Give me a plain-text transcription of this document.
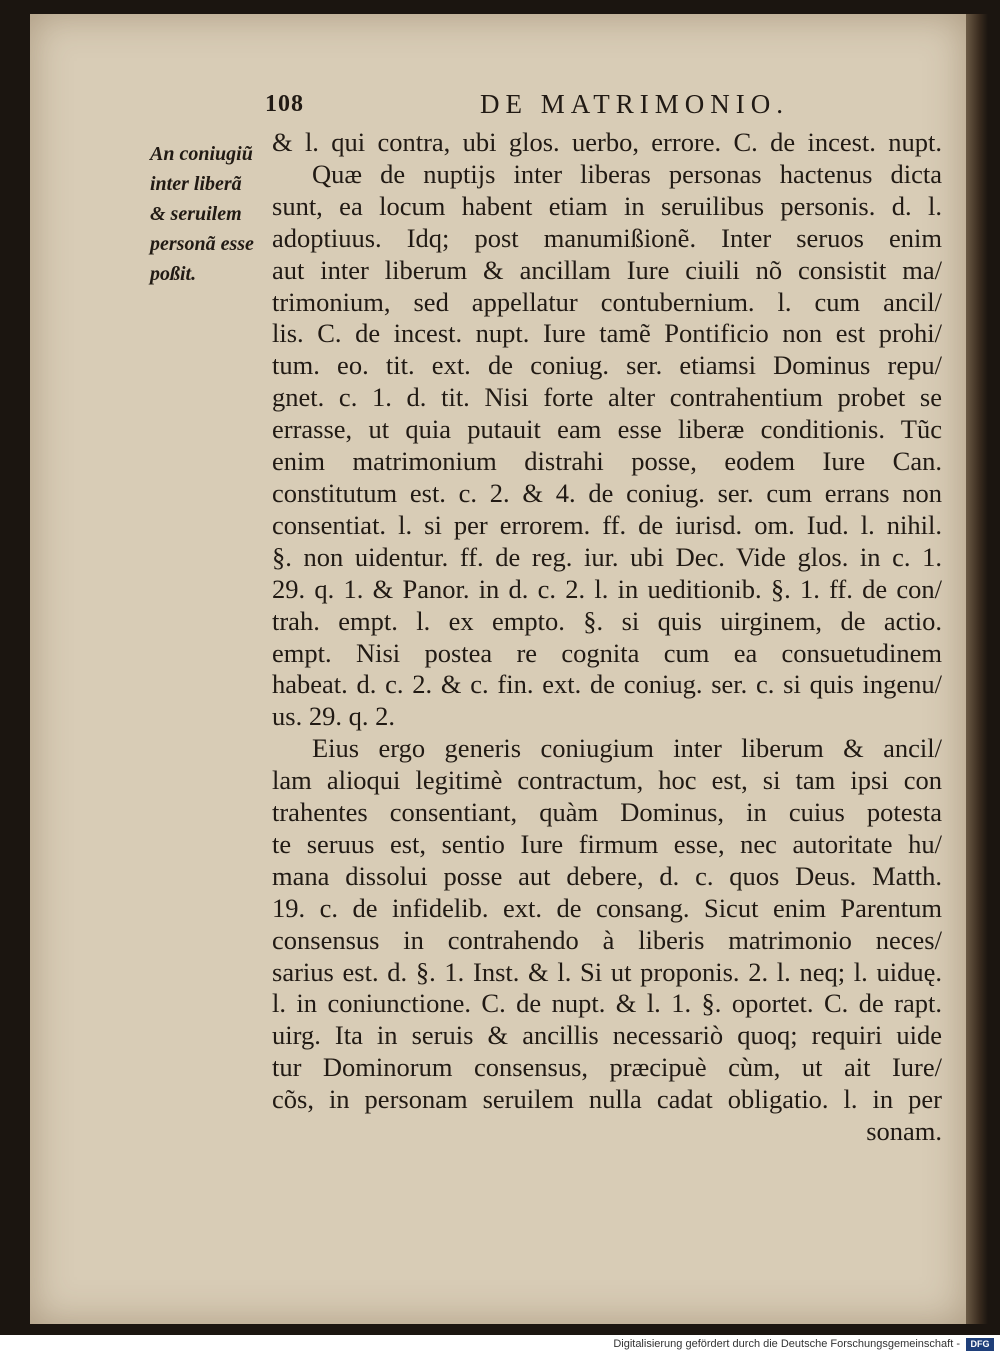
108	DE MATRIMONIO.
An coniugiũ
inter liberã
& seruilem
personã esse
poßit.
& l. qui contra, ubi glos. uerbo, errore. C. de incest. nupt.
Quæ de nuptijs inter liberas personas hactenus dicta
sunt, ea locum habent etiam in seruilibus personis. d. l.
adoptiuus. Idq; post manumißionẽ. Inter seruos enim
aut inter liberum & ancillam Iure ciuili nõ consistit ma/
trimonium, sed appellatur contubernium. l. cum ancil/
lis. C. de incest. nupt. Iure tamẽ Pontificio non est prohi/
tum. eo. tit. ext. de coniug. ser. etiamsi Dominus repu/
gnet. c. 1. d. tit. Nisi forte alter contrahentium probet se
errasse, ut quia putauit eam esse liberæ conditionis. Tũc
enim matrimonium distrahi posse, eodem Iure Can.
constitutum est. c. 2. & 4. de coniug. ser. cum errans non
consentiat. l. si per errorem. ff. de iurisd. om. Iud. l. nihil.
§. non uidentur. ff. de reg. iur. ubi Dec. Vide glos. in c. 1.
29. q. 1. & Panor. in d. c. 2. l. in ueditionib. §. 1. ff. de con/
trah. empt. l. ex empto. §. si quis uirginem, de actio.
empt. Nisi postea re cognita cum ea consuetudinem
habeat. d. c. 2. & c. fin. ext. de coniug. ser. c. si quis ingenu/
us. 29. q. 2.
Eius ergo generis coniugium inter liberum & ancil/
lam alioqui legitimè contractum, hoc est, si tam ipsi con
trahentes consentiant, quàm Dominus, in cuius potesta
te seruus est, sentio Iure firmum esse, nec autoritate hu/
mana dissolui posse aut debere, d. c. quos Deus. Matth.
19. c. de infidelib. ext. de consang. Sicut enim Parentum
consensus in contrahendo à liberis matrimonio neces/
sarius est. d. §. 1. Inst. & l. Si ut proponis. 2. l. neq; l. uiduę.
l. in coniunctione. C. de nupt. & l. 1. §. oportet. C. de rapt.
uirg. Ita in seruis & ancillis necessariò quoq; requiri uide
tur Dominorum consensus, præcipuè cùm, ut ait Iure/
cõs, in personam seruilem nulla cadat obligatio. l. in per
sonam.
Digitalisierung gefördert durch die Deutsche Forschungsgemeinschaft -	DFG
